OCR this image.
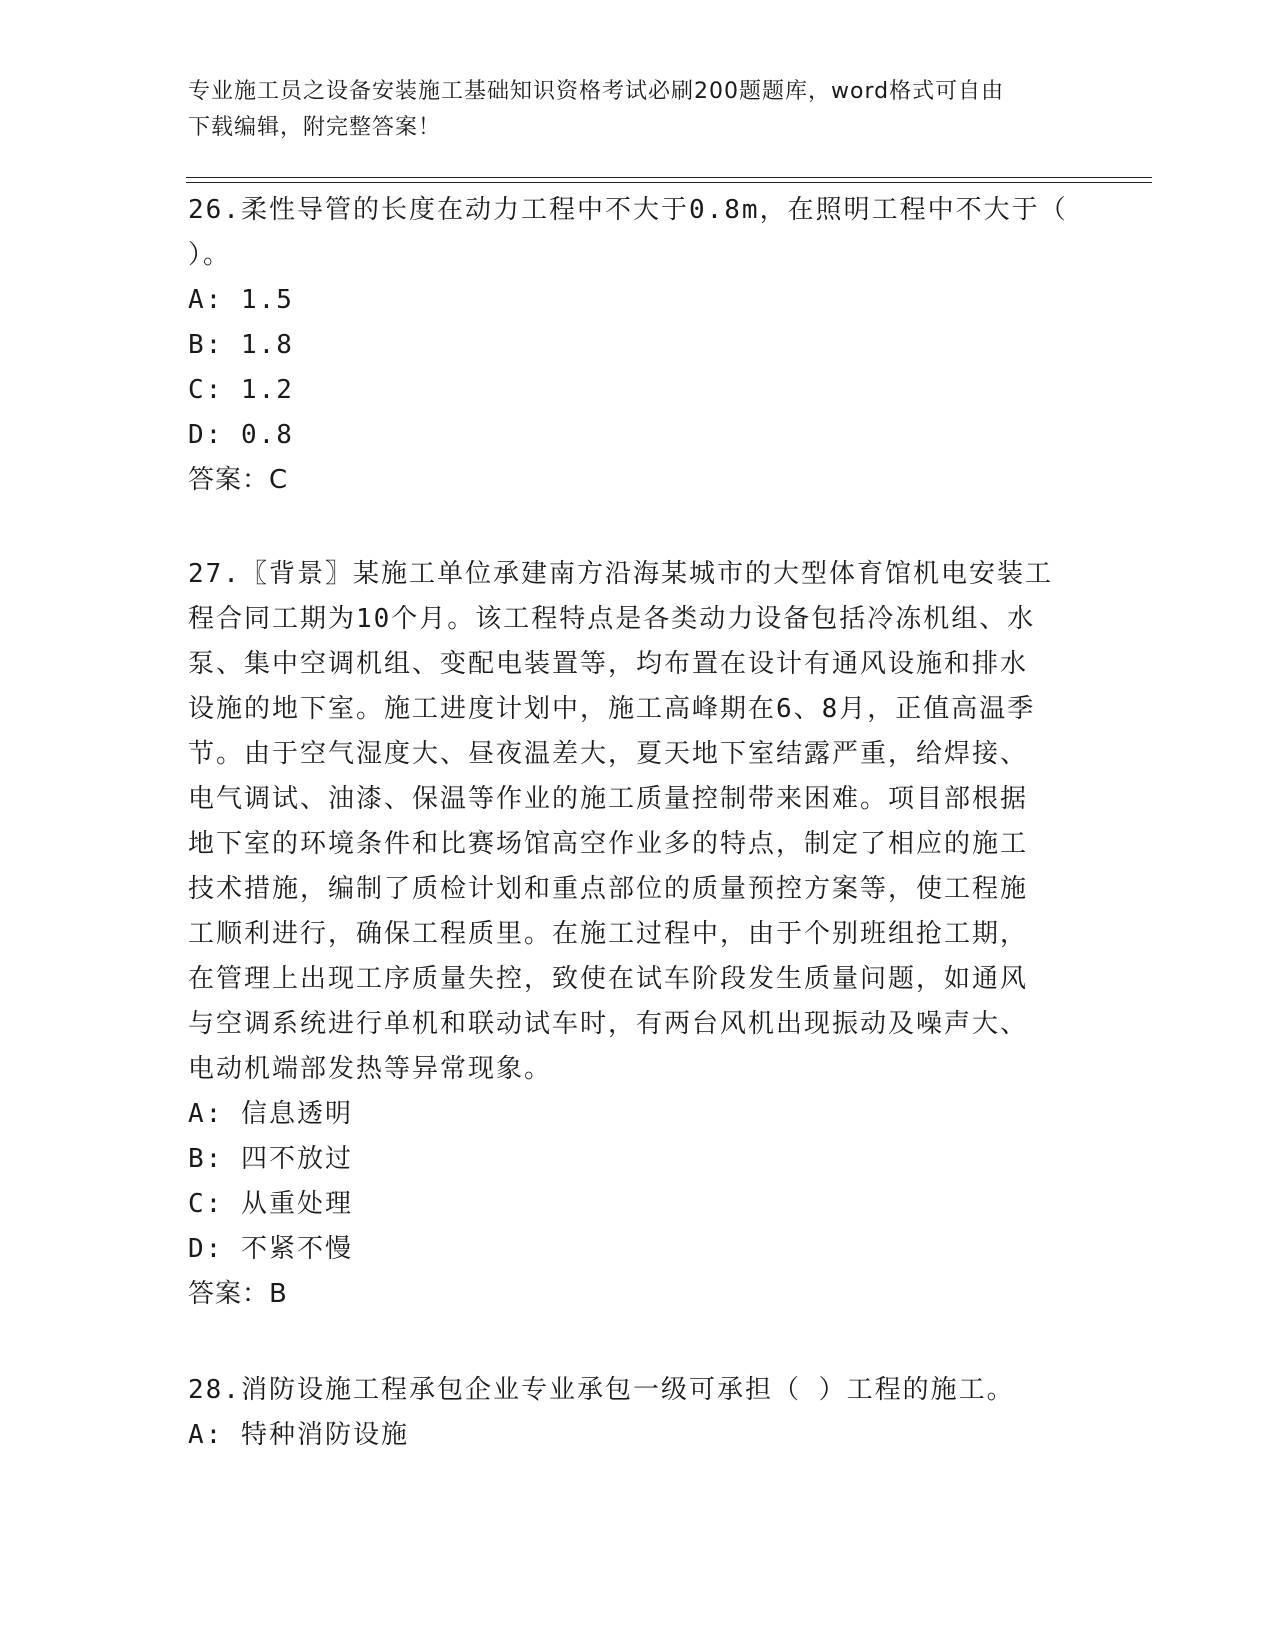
专业施工员之设备安装施工基础知识资格考试必刷200题题库，word格式可自由
下载编辑，附完整答案！

26.柔性导管的长度在动力工程中不大于0.8m，在照明工程中不大于（

）。

A: 1.5

B: 1.8

C: 1.2

D: 0.8

答案：C

27.〖背景〗某施工单位承建南方沿海某城市的大型体育馆机电安装工

程合同工期为10个月。该工程特点是各类动力设备包括冷冻机组、水

泵、集中空调机组、变配电装置等，均布置在设计有通风设施和排水

设施的地下室。施工进度计划中，施工高峰期在6、8月，正值高温季

节。由于空气湿度大、昼夜温差大，夏天地下室结露严重，给焊接、

电气调试、油漆、保温等作业的施工质量控制带来困难。项目部根据

地下室的环境条件和比赛场馆高空作业多的特点，制定了相应的施工

技术措施，编制了质检计划和重点部位的质量预控方案等，使工程施

工顺利进行，确保工程质里。在施工过程中，由于个别班组抢工期，

在管理上出现工序质量失控，致使在试车阶段发生质量问题，如通风

与空调系统进行单机和联动试车时，有两台风机出现振动及噪声大、

电动机端部发热等异常现象。

A: 信息透明

B: 四不放过

C: 从重处理

D: 不紧不慢

答案：B

28.消防设施工程承包企业专业承包一级可承担（ ）工程的施工。

A: 特种消防设施
